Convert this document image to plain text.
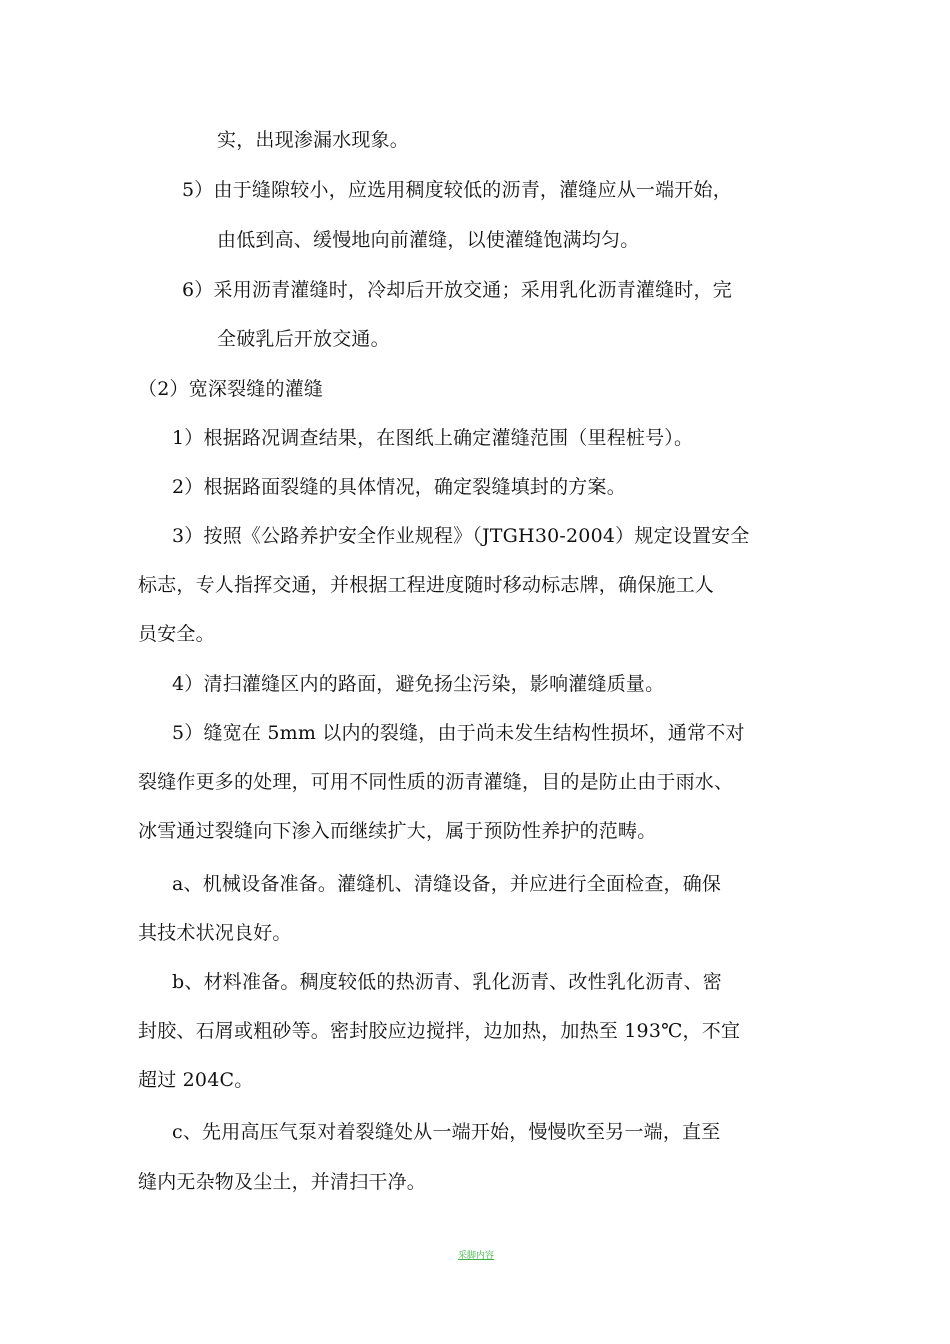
实，出现渗漏水现象。
5）由于缝隙较小，应选用稠度较低的沥青，灌缝应从一端开始，
由低到高、缓慢地向前灌缝，以使灌缝饱满均匀。
6）采用沥青灌缝时，冷却后开放交通；采用乳化沥青灌缝时，完
全破乳后开放交通。
（2）宽深裂缝的灌缝
1）根据路况调查结果，在图纸上确定灌缝范围（里程桩号）。
2）根据路面裂缝的具体情况，确定裂缝填封的方案。
3）按照《公路养护安全作业规程》（JTGH30-2004）规定设置安全
标志，专人指挥交通，并根据工程进度随时移动标志牌，确保施工人
员安全。
4）清扫灌缝区内的路面，避免扬尘污染，影响灌缝质量。
5）缝宽在 5mm 以内的裂缝，由于尚未发生结构性损坏，通常不对
裂缝作更多的处理，可用不同性质的沥青灌缝，目的是防止由于雨水、
冰雪通过裂缝向下渗入而继续扩大，属于预防性养护的范畴。
a、机械设备准备。灌缝机、清缝设备，并应进行全面检查，确保
其技术状况良好。
b、材料准备。稠度较低的热沥青、乳化沥青、改性乳化沥青、密
封胶、石屑或粗砂等。密封胶应边搅拌，边加热，加热至 193℃，不宜
超过 204C。
c、先用高压气泵对着裂缝处从一端开始，慢慢吹至另一端，直至
缝内无杂物及尘土，并清扫干净。
采脚内容
